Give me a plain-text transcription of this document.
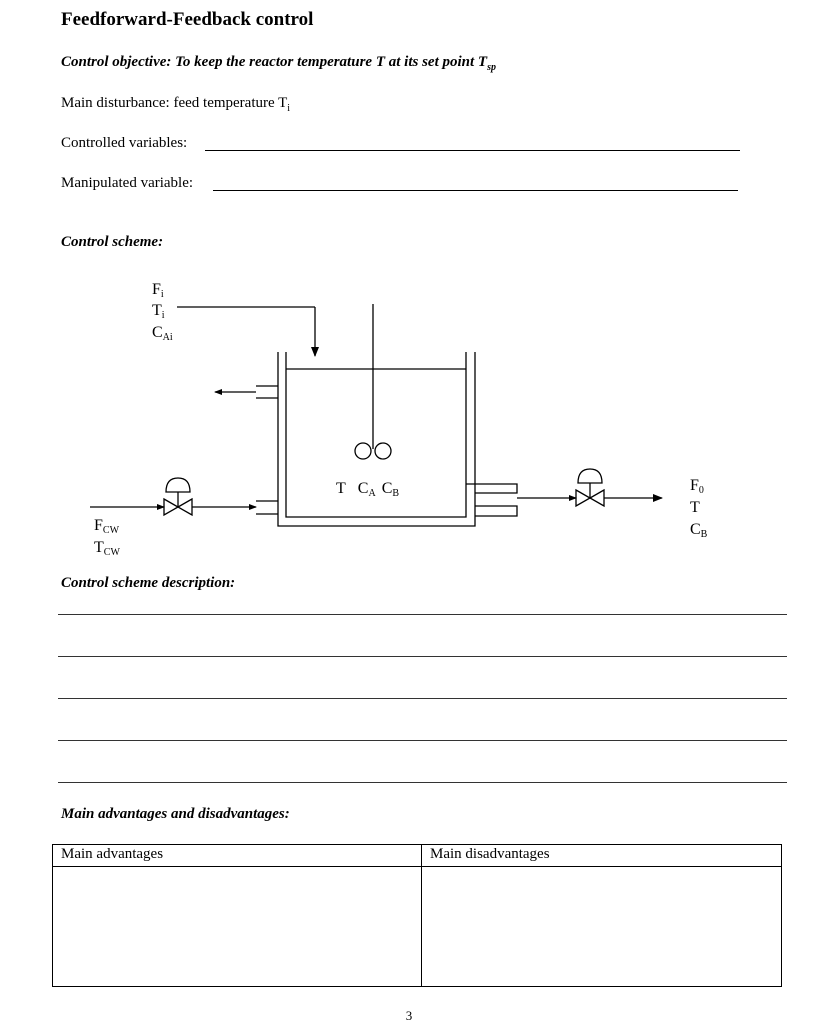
Feedforward-Feedback control
Control objective: To keep the reactor temperature T at its set point $T_{sp}$
Main disturbance: feed temperature $T_i$
Controlled variables:
Manipulated variable:
Control scheme:
Fi
Ti
CAi
T CA CB
FCW
TCW
F0
T
CB
Control scheme description:
Main advantages and disadvantages:
Main advantages	Main disadvantages

3
